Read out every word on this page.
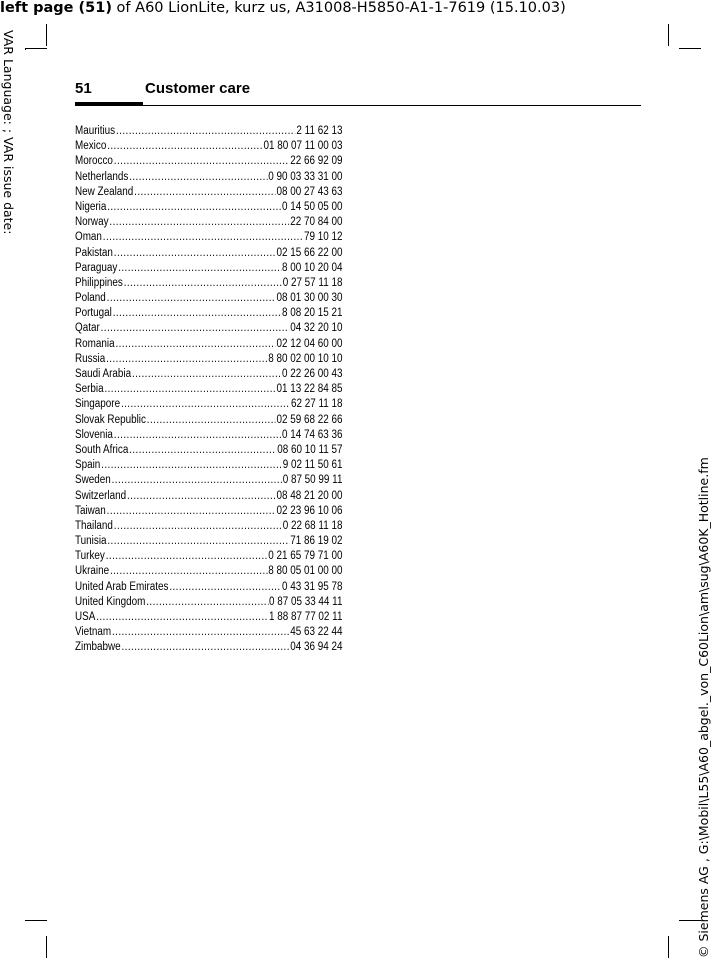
left page (51) of A60 LionLite, kurz us, A31008-H5850-A1-1-7619 (15.10.03)
VAR Language: ; VAR issue date:
© Siemens AG , G:\Mobil\L55\A60_abgel._von_C60Lion\am\sug\A60K_Hotline.fm
51	Customer care
Mauritius .....	2 11 62 13
Mexico .....	01 80 07 11 00 03
Morocco .....	22 66 92 09
Netherlands .....	0 90 03 33 31 00
New Zealand .....	08 00 27 43 63
Nigeria .....	0 14 50 05 00
Norway .....	22 70 84 00
Oman .....	79 10 12
Pakistan .....	02 15 66 22 00
Paraguay .....	8 00 10 20 04
Philippines .....	0 27 57 11 18
Poland .....	08 01 30 00 30
Portugal .....	8 08 20 15 21
Qatar .....	04 32 20 10
Romania .....	02 12 04 60 00
Russia .....	8 80 02 00 10 10
Saudi Arabia .....	0 22 26 00 43
Serbia .....	01 13 22 84 85
Singapore .....	62 27 11 18
Slovak Republic .....	02 59 68 22 66
Slovenia .....	0 14 74 63 36
South Africa .....	08 60 10 11 57
Spain .....	9 02 11 50 61
Sweden .....	0 87 50 99 11
Switzerland .....	08 48 21 20 00
Taiwan .....	02 23 96 10 06
Thailand .....	0 22 68 11 18
Tunisia .....	71 86 19 02
Turkey .....	0 21 65 79 71 00
Ukraine .....	8 80 05 01 00 00
United Arab Emirates .....	0 43 31 95 78
United Kingdom .....	0 87 05 33 44 11
USA .....	1 88 87 77 02 11
Vietnam .....	45 63 22 44
Zimbabwe .....	04 36 94 24
